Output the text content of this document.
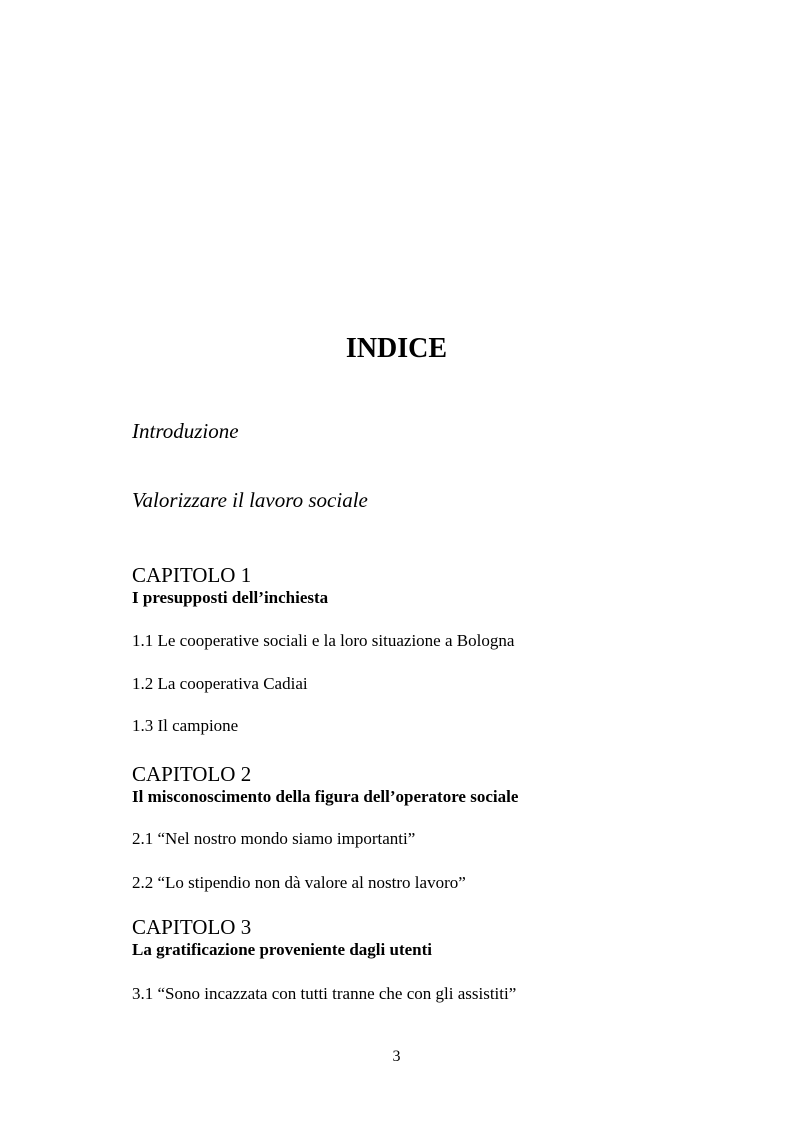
INDICE
Introduzione
Valorizzare il lavoro sociale
CAPITOLO 1
I presupposti dell’inchiesta
1.1 Le cooperative sociali e la loro situazione a Bologna
1.2 La cooperativa Cadiai
1.3 Il campione
CAPITOLO 2
Il misconoscimento della figura dell’operatore sociale
2.1 “Nel nostro mondo siamo importanti”
2.2 “Lo stipendio non dà valore al nostro lavoro”
CAPITOLO 3
La gratificazione proveniente dagli utenti
3.1 “Sono incazzata con tutti tranne che con gli assistiti”
3
